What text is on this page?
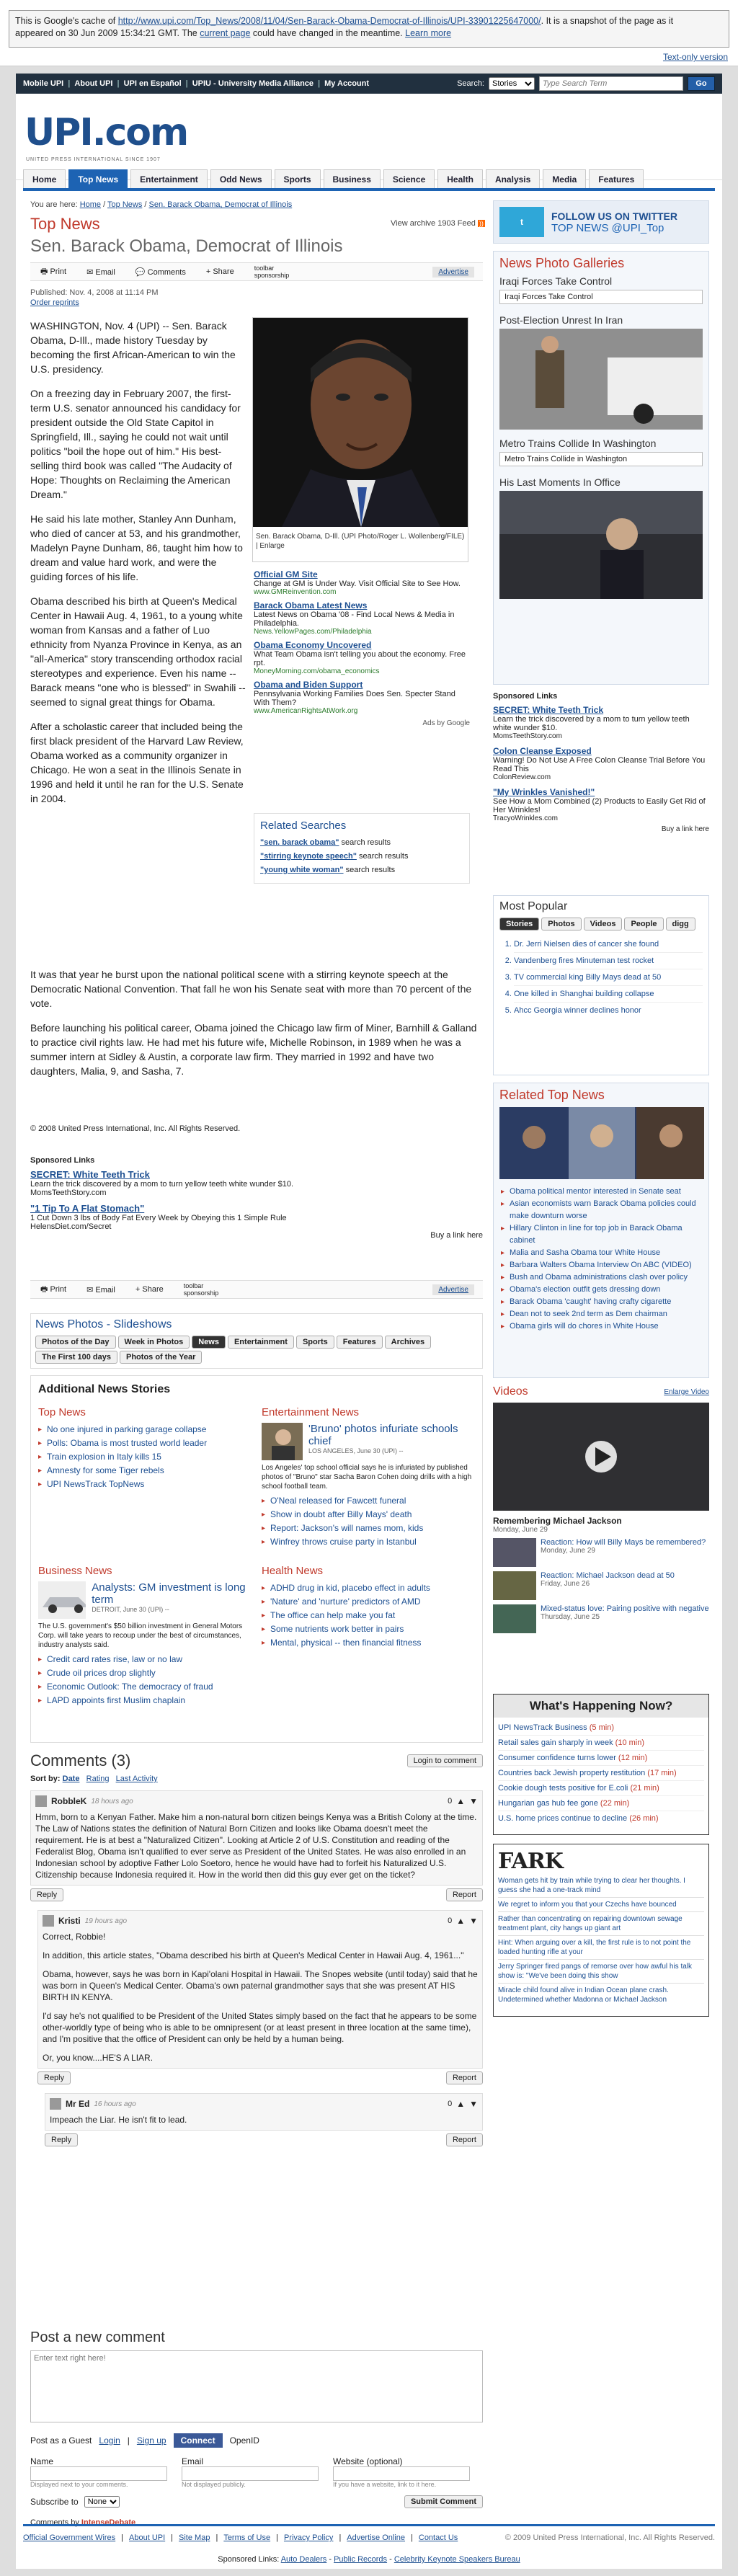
This is Google's cache of http://www.upi.com/Top_News/2008/11/04/Sen-Barack-Obama-Democrat-of-Illinois/UPI-33901225647000/. It is a snapshot of the page as it
appeared on 30 Jun 2009 15:34:21 GMT. The current page could have changed in the meantime. Learn more
Text-only version
Mobile UPI | About UPI | UPI en Español | UPIU - University Media Alliance | My Account	Search:
Stories
Type Search Term	Go
UPI.com
UNITED PRESS INTERNATIONAL SINCE 1907
Home	Top News	Entertainment	Odd News	Sports	Business	Science	Health	Analysis	Media	Features
You are here: Home / Top News / Sen. Barack Obama, Democrat of Illinois
Top News	View archive 1903 Feed ))
Sen. Barack Obama, Democrat of Illinois
🖶 Print	✉ Email	💬 Comments	+ Share	toolbar sponsorship	Advertise
Published: Nov. 4, 2008 at 11:14 PM
Order reprints

WASHINGTON, Nov. 4 (UPI) -- Sen. Barack Obama, D-Ill., made history Tuesday by becoming the first African-American to win the U.S. presidency.

On a freezing day in February 2007, the first-term U.S. senator announced his candidacy for president outside the Old State Capitol in Springfield, Ill., saying he could not wait until politics "boil the hope out of him." His best-selling third book was called "The Audacity of Hope: Thoughts on Reclaiming the American Dream."

He said his late mother, Stanley Ann Dunham, who died of cancer at 53, and his grandmother, Madelyn Payne Dunham, 86, taught him how to dream and value hard work, and were the guiding forces of his life.

Obama described his birth at Queen's Medical Center in Hawaii Aug. 4, 1961, to a young white woman from Kansas and a father of Luo ethnicity from Nyanza Province in Kenya, as an "all-America" story transcending orthodox racial stereotypes and experience. Even his name -- Barack means "one who is blessed" in Swahili -- seemed to signal great things for Obama.

After a scholastic career that included being the first black president of the Harvard Law Review, Obama worked as a community organizer in Chicago. He won a seat in the Illinois Senate in 1996 and held it until he ran for the U.S. Senate in 2004.

Sen. Barack Obama, D-Ill. (UPI Photo/Roger L. Wollenberg/FILE) | Enlarge
Official GM Site
Change at GM is Under Way. Visit Official Site to See How.
www.GMReinvention.com
Barack Obama Latest News
Latest News on Obama '08 - Find Local News & Media in Philadelphia.
News.YellowPages.com/Philadelphia
Obama Economy Uncovered
What Team Obama isn't telling you about the economy. Free rpt.
MoneyMorning.com/obama_economics
Obama and Biden Support
Pennsylvania Working Families Does Sen. Specter Stand With Them?
www.AmericanRightsAtWork.org
Ads by Google
Related Searches
"sen. barack obama" search results
"stirring keynote speech" search results
"young white woman" search results

It was that year he burst upon the national political scene with a stirring keynote speech at the Democratic National Convention. That fall he won his Senate seat with more than 70 percent of the vote.

Before launching his political career, Obama joined the Chicago law firm of Miner, Barnhill & Galland to practice civil rights law. He had met his future wife, Michelle Robinson, in 1989 when he was a summer intern at Sidley & Austin, a corporate law firm. They married in 1992 and have two daughters, Malia, 9, and Sasha, 7.

© 2008 United Press International, Inc. All Rights Reserved.
Sponsored Links
SECRET: White Teeth Trick
Learn the trick discovered by a mom to turn yellow teeth white wunder $10.
MomsTeethStory.com
"1 Tip To A Flat Stomach"
1 Cut Down 3 lbs of Body Fat Every Week by Obeying this 1 Simple Rule
HelensDiet.com/Secret
Buy a link here
🖶 Print	✉ Email	+ Share	toolbar sponsorship	Advertise
News Photos - Slideshows
Photos of the Day	Week in Photos	News	Entertainment	Sports	Features	Archives
The First 100 days	Photos of the Year
Additional News Stories
Top News
▸ No one injured in parking garage collapse
▸ Polls: Obama is most trusted world leader
▸ Train explosion in Italy kills 15
▸ Amnesty for some Tiger rebels
▸ UPI NewsTrack TopNews
Entertainment News
'Bruno' photos infuriate schools chief
LOS ANGELES, June 30 (UPI) --
Los Angeles' top school official says he is infuriated by published photos of "Bruno" star Sacha Baron Cohen doing drills with a high school football team.
▸ O'Neal released for Fawcett funeral
▸ Show in doubt after Billy Mays' death
▸ Report: Jackson's will names mom, kids
▸ Winfrey throws cruise party in Istanbul
Business News
Analysts: GM investment is long term
DETROIT, June 30 (UPI) --
The U.S. government's $50 billion investment in General Motors Corp. will take years to recoup under the best of circumstances, industry analysts said.
▸ Credit card rates rise, law or no law
▸ Crude oil prices drop slightly
▸ Economic Outlook: The democracy of fraud
▸ LAPD appoints first Muslim chaplain
Health News
▸ ADHD drug in kid, placebo effect in adults
▸ 'Nature' and 'nurture' predictors of AMD
▸ The office can help make you fat
▸ Some nutrients work better in pairs
▸ Mental, physical -- then financial fitness
Comments (3)	Login to comment
Sort by: Date Rating Last Activity
RobbleK 18 hours ago	0 ▲ ▼

Hmm, born to a Kenyan Father. Make him a non-natural born citizen beings Kenya was a British Colony at the time. The Law of Nations states the definition of Natural Born Citizen and looks like Obama doesn't meet the requirement. He is at best a "Naturalized Citizen". Looking at Article 2 of U.S. Constitution and reading of the Federalist Blog, Obama isn't qualified to ever serve as President of the United States. He was also enrolled in an Indonesian school by adoptive Father Lolo Soetoro, hence he would have had to forfeit his Naturalized U.S. Citizenship because Indonesia required it. How in the world then did this guy ever get on the ticket?

Reply	Report
Kristi 19 hours ago	0 ▲ ▼

Correct, Robbie!

In addition, this article states, "Obama described his birth at Queen's Medical Center in Hawaii Aug. 4, 1961..."

Obama, however, says he was born in Kapi'olani Hospital in Hawaii. The Snopes website (until today) said that he was born in Queen's Medical Center. Obama's own paternal grandmother says that she was present AT HIS BIRTH IN KENYA.

I'd say he's not qualified to be President of the United States simply based on the fact that he appears to be some other-worldly type of being who is able to be omnipresent (or at least present in three location at the same time), and I'm positive that the office of President can only be held by a human being.

Or, you know....HE'S A LIAR.

Reply	Report
Mr Ed 16 hours ago	0 ▲ ▼

Impeach the Liar. He isn't fit to lead.

Reply	Report
Post a new comment
Enter text right here!
Post as a Guest Login | Sign up	Connect	OpenID
Name
Displayed next to your comments.
Email
Not displayed publicly.
Website (optional)
If you have a website, link to it here.
Subscribe to
None	Submit Comment
Comments by IntenseDebate
Official Government Wires | About UPI | Site Map | Terms of Use | Privacy Policy | Advertise Online | Contact Us	© 2009 United Press International, Inc. All Rights Reserved.
Sponsored Links: Auto Dealers - Public Records - Celebrity Keynote Speakers Bureau
t
FOLLOW US ON TWITTER
TOP NEWS @UPI_Top
News Photo Galleries
Iraqi Forces Take Control
Iraqi Forces Take Control
Post-Election Unrest In Iran
Metro Trains Collide In Washington
Metro Trains Collide in Washington
His Last Moments In Office
Sponsored Links
SECRET: White Teeth Trick
Learn the trick discovered by a mom to turn yellow teeth white wunder $10.
MomsTeethStory.com
Colon Cleanse Exposed
Warning! Do Not Use A Free Colon Cleanse Trial Before You Read This
ColonReview.com
"My Wrinkles Vanished!"
See How a Mom Combined (2) Products to Easily Get Rid of Her Wrinkles!
TracyoWrinkles.com
Buy a link here
Most Popular
Stories	Photos	Videos	People	digg
1. Dr. Jerri Nielsen dies of cancer she found
2. Vandenberg fires Minuteman test rocket
3. TV commercial king Billy Mays dead at 50
4. One killed in Shanghai building collapse
5. Ahcc Georgia winner declines honor
Related Top News
▸ Obama political mentor interested in Senate seat
▸ Asian economists warn Barack Obama policies could make downturn worse
▸ Hillary Clinton in line for top job in Barack Obama cabinet
▸ Malia and Sasha Obama tour White House
▸ Barbara Walters Obama Interview On ABC (VIDEO)
▸ Bush and Obama administrations clash over policy
▸ Obama's election outfit gets dressing down
▸ Barack Obama 'caught' having crafty cigarette
▸ Dean not to seek 2nd term as Dem chairman
▸ Obama girls will do chores in White House
Videos	Enlarge Video
Remembering Michael Jackson
Monday, June 29
Reaction: How will Billy Mays be remembered?
Monday, June 29
Reaction: Michael Jackson dead at 50
Friday, June 26
Mixed-status love: Pairing positive with negative
Thursday, June 25
What's Happening Now?
UPI NewsTrack Business (5 min)
Retail sales gain sharply in week (10 min)
Consumer confidence turns lower (12 min)
Countries back Jewish property restitution (17 min)
Cookie dough tests positive for E.coli (21 min)
Hungarian gas hub fee gone (22 min)
U.S. home prices continue to decline (26 min)
FARK
Woman gets hit by train while trying to clear her thoughts. I guess she had a one-track mind
We regret to inform you that your Czechs have bounced
Rather than concentrating on repairing downtown sewage treatment plant, city hangs up giant art
Hint: When arguing over a kill, the first rule is to not point the loaded hunting rifle at your
Jerry Springer fired pangs of remorse over how awful his talk show is: "We've been doing this show
Miracle child found alive in Indian Ocean plane crash. Undetermined whether Madonna or Michael Jackson
